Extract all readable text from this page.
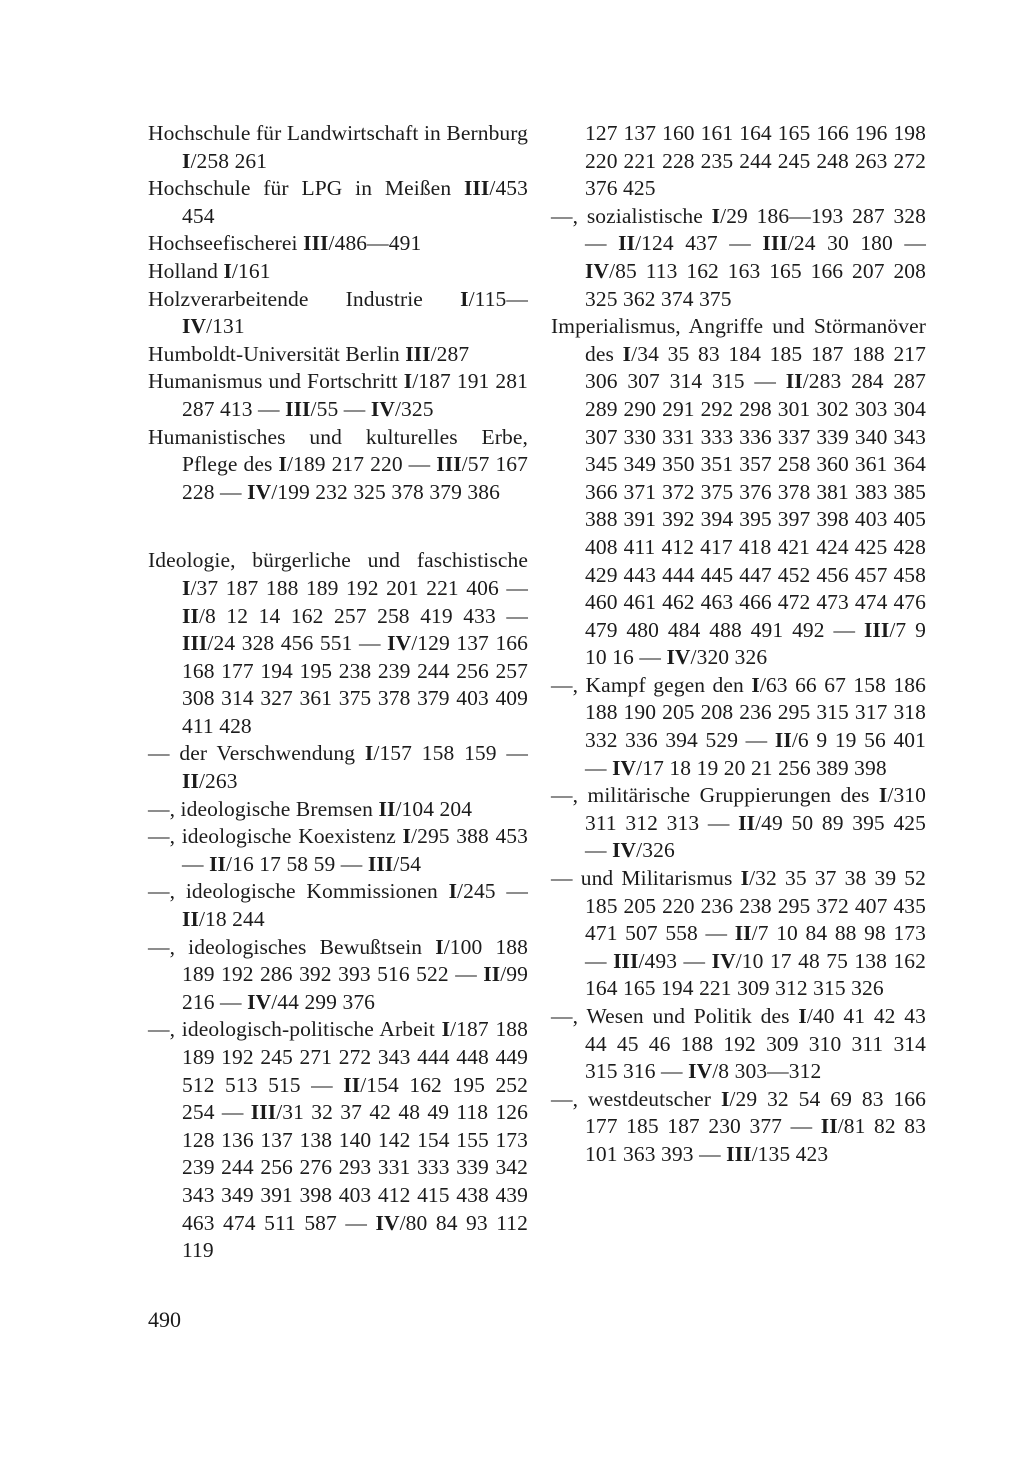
Hochschule für Landwirtschaft in Bernburg I/258 261
Hochschule für LPG in Meißen III/453 454
Hochseefischerei III/486—491
Holland I/161
Holzverarbeitende Industrie I/115— IV/131
Humboldt-Universität Berlin III/287
Humanismus und Fortschritt I/187 191 281 287 413 — III/55 — IV/325
Humanistisches und kulturelles Erbe, Pflege des I/189 217 220 — III/57 167 228 — IV/199 232 325 378 379 386
Ideologie, bürgerliche und faschistische I/37 187 188 189 192 201 221 406 — II/8 12 14 162 257 258 419 433 — III/24 328 456 551 — IV/129 137 166 168 177 194 195 238 239 244 256 257 308 314 327 361 375 378 379 403 409 411 428
— der Verschwendung I/157 158 159 — II/263
—, ideologische Bremsen II/104 204
—, ideologische Koexistenz I/295 388 453 — II/16 17 58 59 — III/54
—, ideologische Kommissionen I/245 — II/18 244
—, ideologisches Bewußtsein I/100 188 189 192 286 392 393 516 522 — II/99 216 — IV/44 299 376
—, ideologisch-politische Arbeit I/187 188 189 192 245 271 272 343 444 448 449 512 513 515 — II/154 162 195 252 254 — III/31 32 37 42 48 49 118 126 128 136 137 138 140 142 154 155 173 239 244 256 276 293 331 333 339 342 343 349 391 398 403 412 415 438 439 463 474 511 587 — IV/80 84 93 112 119
127 137 160 161 164 165 166 196 198 220 221 228 235 244 245 248 263 272 376 425
—, sozialistische I/29 186—193 287 328 — II/124 437 — III/24 30 180 — IV/85 113 162 163 165 166 207 208 325 362 374 375
Imperialismus, Angriffe und Störmanöver des I/34 35 83 184 185 187 188 217 306 307 314 315 — II/283 284 287 289 290 291 292 298 301 302 303 304 307 330 331 333 336 337 339 340 343 345 349 350 351 357 258 360 361 364 366 371 372 375 376 378 381 383 385 388 391 392 394 395 397 398 403 405 408 411 412 417 418 421 424 425 428 429 443 444 445 447 452 456 457 458 460 461 462 463 466 472 473 474 476 479 480 484 488 491 492 — III/7 9 10 16 — IV/320 326
—, Kampf gegen den I/63 66 67 158 186 188 190 205 208 236 295 315 317 318 332 336 394 529 — II/6 9 19 56 401 — IV/17 18 19 20 21 256 389 398
—, militärische Gruppierungen des I/310 311 312 313 — II/49 50 89 395 425 — IV/326
— und Militarismus I/32 35 37 38 39 52 185 205 220 236 238 295 372 407 435 471 507 558 — II/7 10 84 88 98 173 — III/493 — IV/10 17 48 75 138 162 164 165 194 221 309 312 315 326
—, Wesen und Politik des I/40 41 42 43 44 45 46 188 192 309 310 311 314 315 316 — IV/8 303—312
—, westdeutscher I/29 32 54 69 83 166 177 185 187 230 377 — II/81 82 83 101 363 393 — III/135 423
490
